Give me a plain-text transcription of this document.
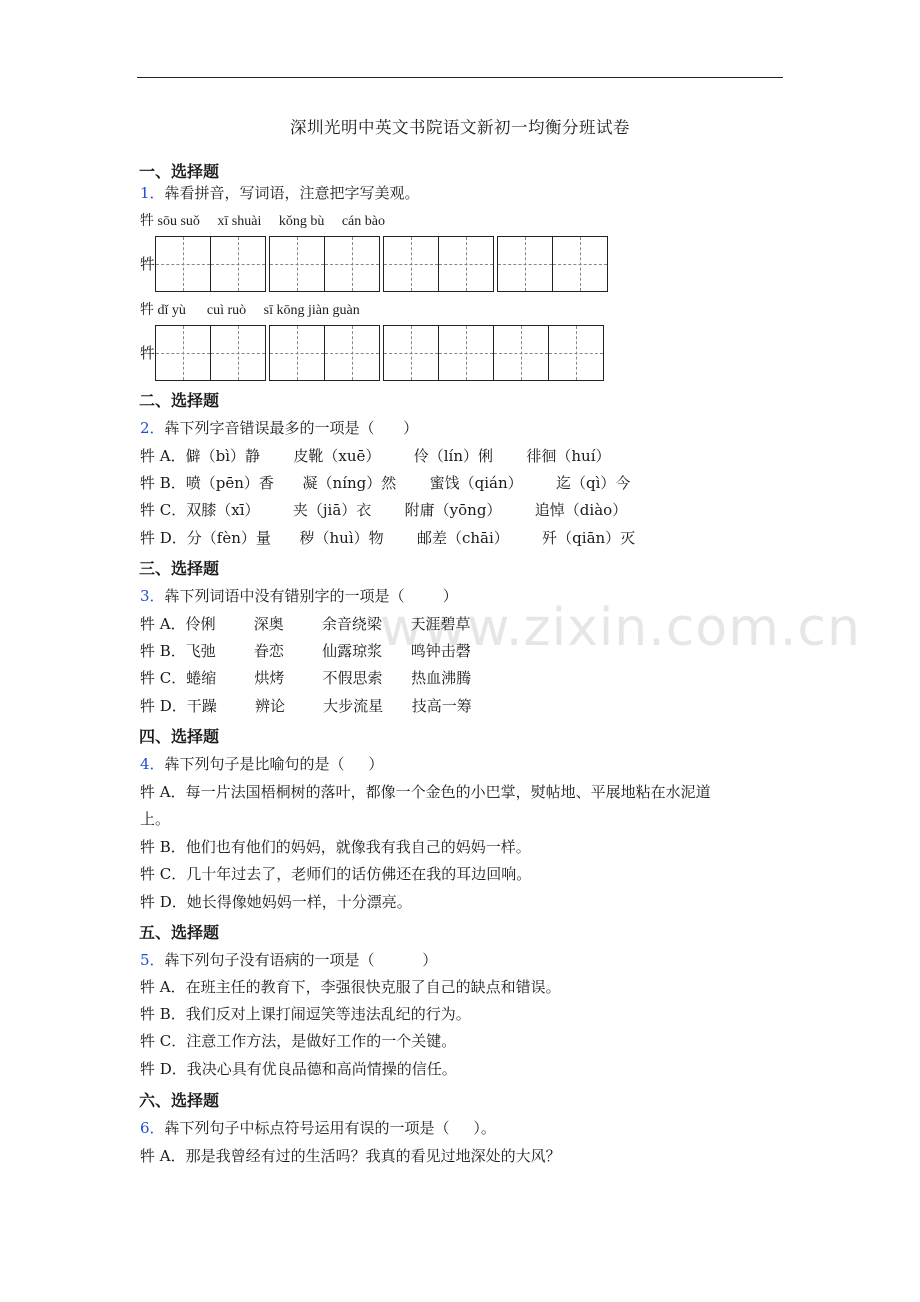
深圳光明中英文书院语文新初一均衡分班试卷
www.zixin.com.cn
一、选择题
1．犇看拼音，写词语，注意把字写美观。
牪 sōu suǒ     xī shuài     kǒng bù     cán bào
牪
牪 dǐ yù      cuì ruò     sī kōng jiàn guàn
牪
二、选择题
2．犇下列字音错误最多的一项是（      ）
牪 A．僻（bì）静       皮靴（xuē）       伶（lín）俐       徘徊（huí）
牪 B．喷（pēn）香      凝（níng）然       蜜饯（qián）       迄（qì）今
牪 C．双膝（xī）       夹（jiā）衣       附庸（yōng）       追悼（diào）
牪 D．分（fèn）量      秽（huì）物       邮差（chāi）       歼（qiān）灭
三、选择题
3．犇下列词语中没有错别字的一项是（        ）
牪 A．伶俐        深奥        余音绕梁      天涯碧草
牪 B．飞弛        眷恋        仙露琼浆      鸣钟击磬
牪 C．蜷缩        烘烤        不假思索      热血沸腾
牪 D．干躁        辨论        大步流星      技高一筹
四、选择题
4．犇下列句子是比喻句的是（     ）
牪 A．每一片法国梧桐树的落叶，都像一个金色的小巴掌，熨帖地、平展地粘在水泥道
上。
牪 B．他们也有他们的妈妈，就像我有我自己的妈妈一样。
牪 C．几十年过去了，老师们的话仿佛还在我的耳边回响。
牪 D．她长得像她妈妈一样，十分漂亮。
五、选择题
5．犇下列句子没有语病的一项是（          ）
牪 A．在班主任的教育下，李强很快克服了自己的缺点和错误。
牪 B．我们反对上课打闹逗笑等违法乱纪的行为。
牪 C．注意工作方法，是做好工作的一个关键。
牪 D．我决心具有优良品德和高尚情操的信任。
六、选择题
6．犇下列句子中标点符号运用有误的一项是（     ）。
牪 A．那是我曾经有过的生活吗？我真的看见过地深处的大风？
